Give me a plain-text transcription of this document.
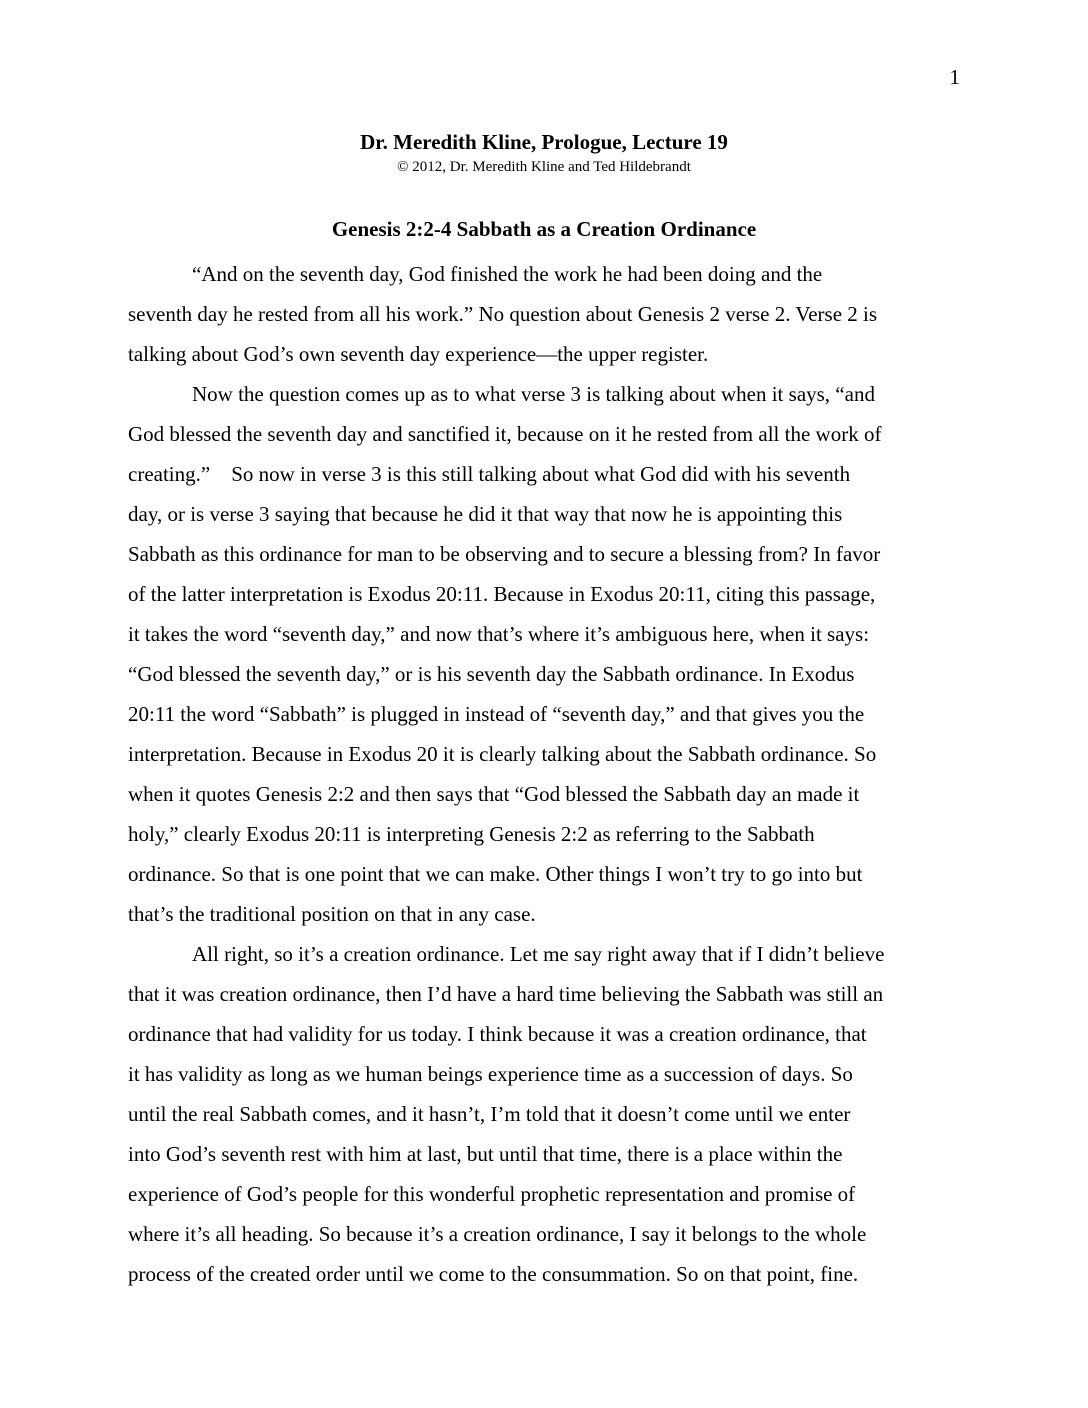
1
Dr. Meredith Kline, Prologue, Lecture 19
© 2012, Dr. Meredith Kline and Ted Hildebrandt
Genesis 2:2-4 Sabbath as a Creation Ordinance

“And on the seventh day, God finished the work he had been doing and the
seventh day he rested from all his work.” No question about Genesis 2 verse 2. Verse 2 is
talking about God’s own seventh day experience—the upper register.

Now the question comes up as to what verse 3 is talking about when it says, “and
God blessed the seventh day and sanctified it, because on it he rested from all the work of
creating.”    So now in verse 3 is this still talking about what God did with his seventh
day, or is verse 3 saying that because he did it that way that now he is appointing this
Sabbath as this ordinance for man to be observing and to secure a blessing from? In favor
of the latter interpretation is Exodus 20:11. Because in Exodus 20:11, citing this passage,
it takes the word “seventh day,” and now that’s where it’s ambiguous here, when it says:
“God blessed the seventh day,” or is his seventh day the Sabbath ordinance. In Exodus
20:11 the word “Sabbath” is plugged in instead of “seventh day,” and that gives you the
interpretation. Because in Exodus 20 it is clearly talking about the Sabbath ordinance. So
when it quotes Genesis 2:2 and then says that “God blessed the Sabbath day an made it
holy,” clearly Exodus 20:11 is interpreting Genesis 2:2 as referring to the Sabbath
ordinance. So that is one point that we can make. Other things I won’t try to go into but
that’s the traditional position on that in any case.

All right, so it’s a creation ordinance. Let me say right away that if I didn’t believe
that it was creation ordinance, then I’d have a hard time believing the Sabbath was still an
ordinance that had validity for us today. I think because it was a creation ordinance, that
it has validity as long as we human beings experience time as a succession of days. So
until the real Sabbath comes, and it hasn’t, I’m told that it doesn’t come until we enter
into God’s seventh rest with him at last, but until that time, there is a place within the
experience of God’s people for this wonderful prophetic representation and promise of
where it’s all heading. So because it’s a creation ordinance, I say it belongs to the whole
process of the created order until we come to the consummation. So on that point, fine.
